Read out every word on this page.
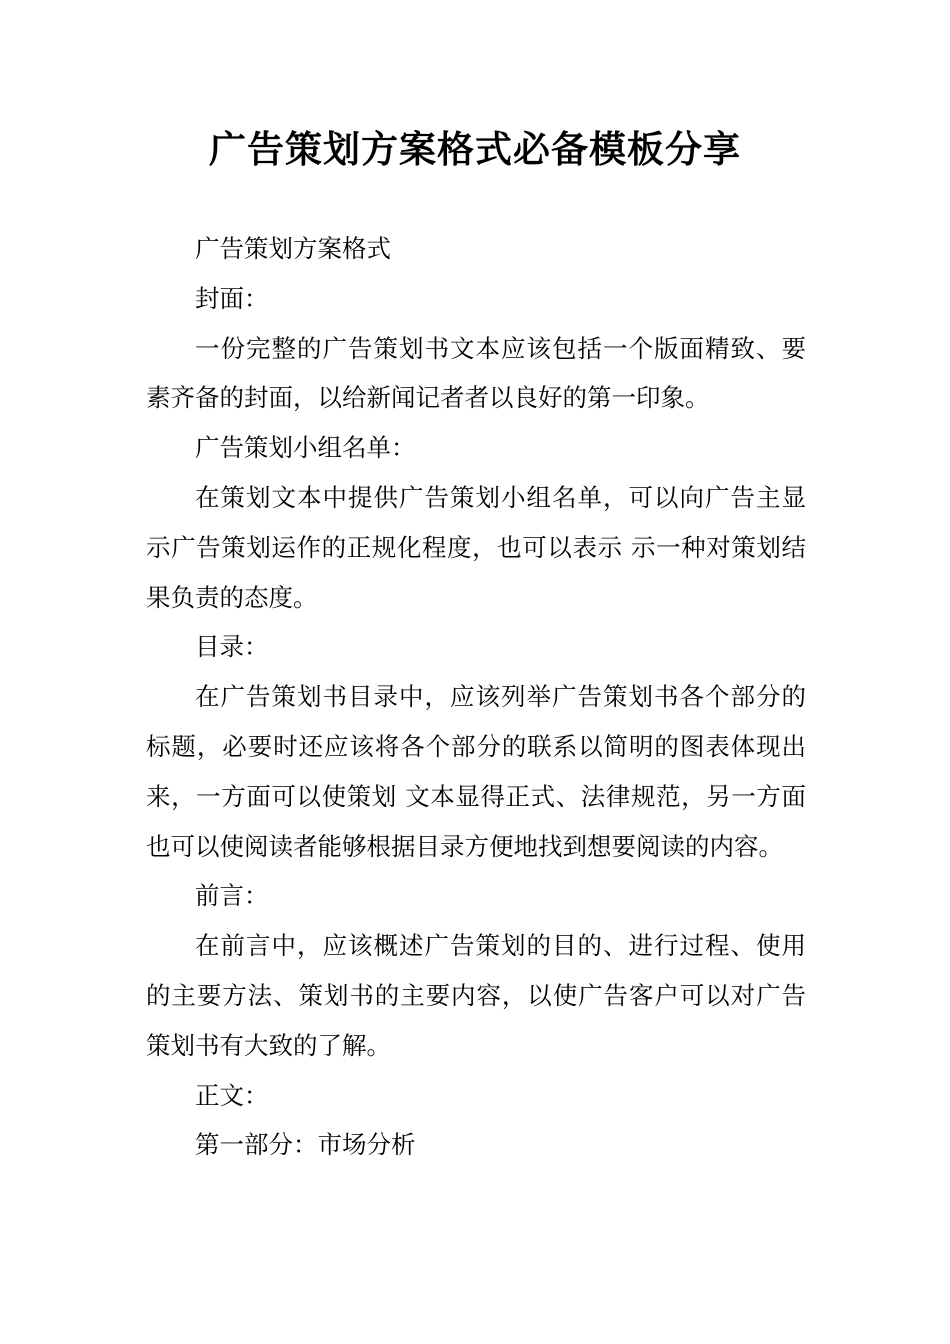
广告策划方案格式必备模板分享

广告策划方案格式

封面：

一份完整的广告策划书文本应该包括一个版面精致、要素齐备的封面，以给新闻记者者以良好的第一印象。

广告策划小组名单：

在策划文本中提供广告策划小组名单，可以向广告主显示广告策划运作的正规化程度，也可以表示 示一种对策划结果负责的态度。

目录：

在广告策划书目录中，应该列举广告策划书各个部分的标题，必要时还应该将各个部分的联系以简明的图表体现出来，一方面可以使策划 文本显得正式、法律规范，另一方面也可以使阅读者能够根据目录方便地找到想要阅读的内容。

前言：

在前言中，应该概述广告策划的目的、进行过程、使用的主要方法、策划书的主要内容，以使广告客户可以对广告策划书有大致的了解。

正文：

第一部分：市场分析
